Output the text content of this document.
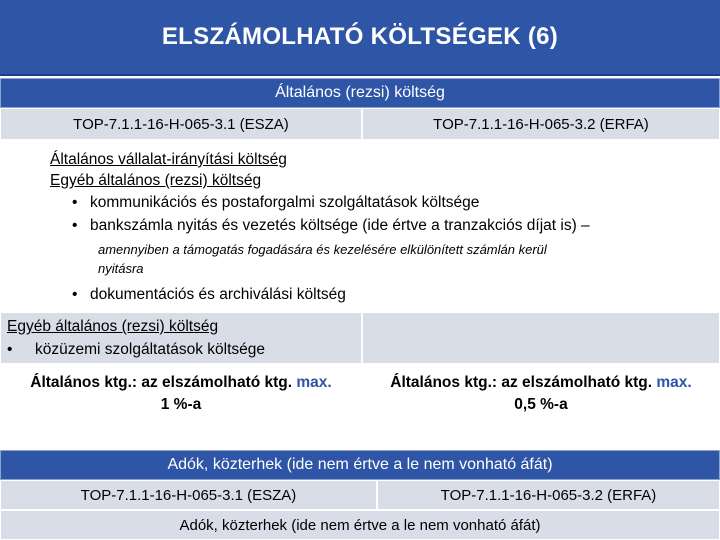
ELSZÁMOLHATÓ KÖLTSÉGEK (6)
Általános (rezsi) költség
TOP-7.1.1-16-H-065-3.1 (ESZA)	TOP-7.1.1-16-H-065-3.2 (ERFA)
Általános vállalat-irányítási költség
Egyéb általános (rezsi) költség
• kommunikációs és postaforgalmi szolgáltatások költsége
• bankszámla nyitás és vezetés költsége (ide értve a tranzakciós díjat is) –
amennyiben a támogatás fogadására és kezelésére elkülönített számlán kerül
nyitásra
• dokumentációs és archiválási költség
Egyéb általános (rezsi) költség
• közüzemi szolgáltatások költsége
Általános ktg.: az elszámolható ktg. max.
1 %-a
Általános ktg.: az elszámolható ktg. max.
0,5 %-a
Adók, közterhek (ide nem értve a le nem vonható áfát)
TOP-7.1.1-16-H-065-3.1 (ESZA)	TOP-7.1.1-16-H-065-3.2 (ERFA)
Adók, közterhek (ide nem értve a le nem vonható áfát)
